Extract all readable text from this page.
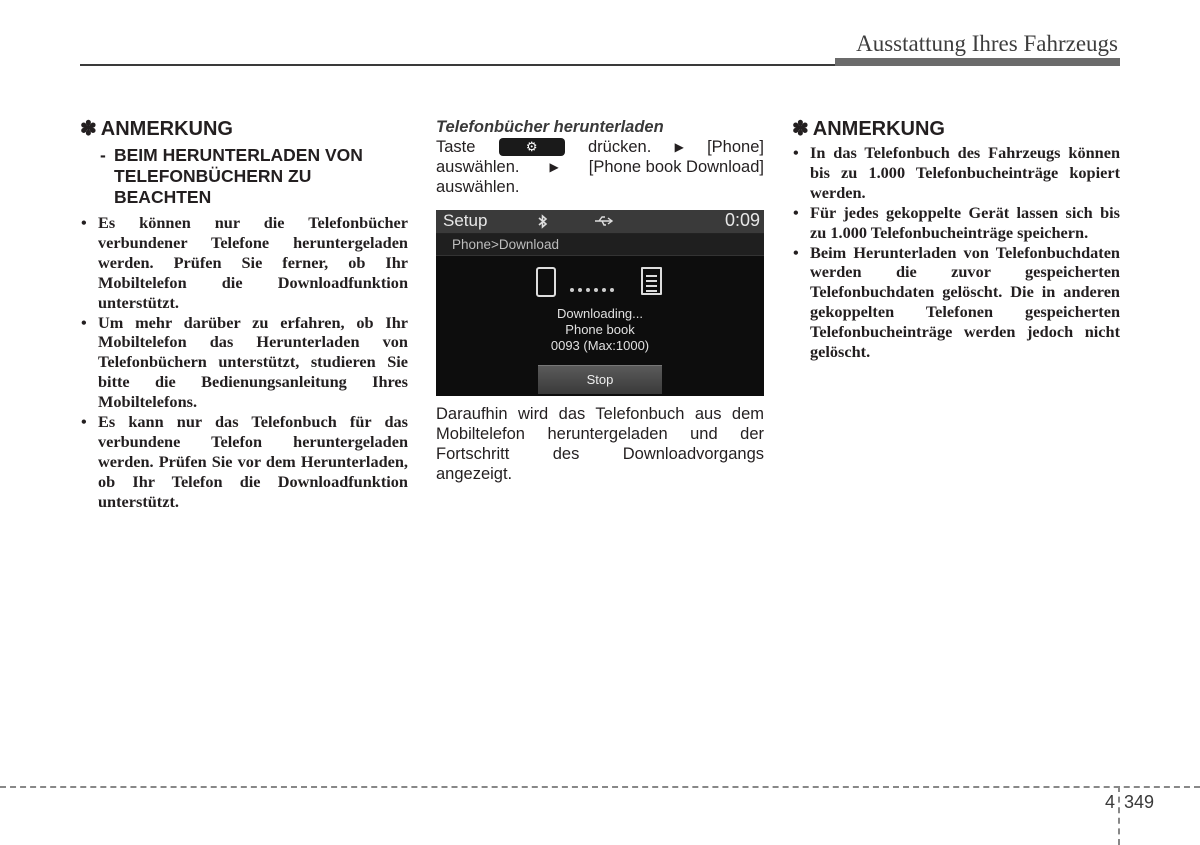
Ausstattung Ihres Fahrzeugs
✽ ANMERKUNG
- BEIM HERUNTERLADEN VON
TELEFONBÜCHERN ZU
BEACHTEN
• Es können nur die Telefonbücher verbundener Telefone heruntergeladen werden. Prüfen Sie ferner, ob Ihr Mobiltelefon die Downloadfunktion unterstützt.
• Um mehr darüber zu erfahren, ob Ihr Mobiltelefon das Herunterladen von Telefonbüchern unterstützt, studieren Sie bitte die Bedienungsanleitung Ihres Mobiltelefons.
• Es kann nur das Telefonbuch für das verbundene Telefon heruntergeladen werden. Prüfen Sie vor dem Herunterladen, ob Ihr Telefon die Downloadfunktion unterstützt.
Telefonbücher herunterladen
Taste	⚙	drücken. ▶ [Phone]
auswählen.	▶ [Phone book Download]

auswählen.

Setup	0:09
Phone>Download
Downloading...
Phone book
0093 (Max:1000)
Stop

Daraufhin wird das Telefonbuch aus dem Mobiltelefon heruntergeladen und der Fortschritt des Downloadvorgangs angezeigt.

✽ ANMERKUNG
• In das Telefonbuch des Fahrzeugs können bis zu 1.000 Telefonbucheinträge kopiert werden.
• Für jedes gekoppelte Gerät lassen sich bis zu 1.000 Telefonbucheinträge speichern.
• Beim Herunterladen von Telefonbuchdaten werden die zuvor gespeicherten Telefonbuchdaten gelöscht. Die in anderen gekoppelten Telefonen gespeicherten Telefonbucheinträge werden jedoch nicht gelöscht.
4 349
